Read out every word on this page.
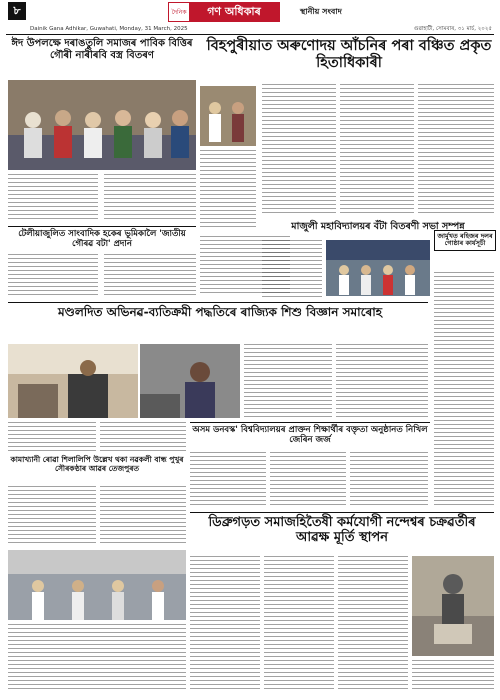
৮	দৈনিক	গণ অধিকাৰ	স্থানীয় সংবাদ
Dainik Gana Adhikar, Guwahati, Monday, 31 March, 2025	গুৱাহাটী, সোমবাৰ, ৩১ মাৰ্চ, ২০২৫
ঈদ উপলক্ষে দৰাঙতুলি সমাজৰ পাবিক বিত্তিৰ গৌৰী নাৰীৰবি বস্ত্ৰ বিতৰণ
টেলীয়াজুলিত সাংবাদিক হকেৰ ভূমিকালৈ 'জাতীয় গৌৰৱ বটা' প্ৰদান
বিহপুৰীয়াত অৰুণোদয় আঁচনিৰ পৰা বঞ্চিত প্ৰকৃত হিতাধিকাৰী
মাজুলী মহাবিদ্যালয়ৰ বঁটা বিতৰণী সভা সম্পন্ন
জাৰ্মুখত ৰহিজৰ দলৰ গোষ্ঠাৰ কাৰ্যসূচী
মণ্ডলদিত অভিনৱ-ব্যতিক্ৰমী পদ্ধতিৰে ৰাজ্যিক শিশু বিজ্ঞান সমাৰোহ
অসম ডনবস্ক' বিশ্ববিদ্যালয়ৰ প্ৰাক্তন শিক্ষাৰ্থীৰ বক্তৃতা অনুষ্ঠানত নিখিল জেৰিন জৰ্জ
কামাখ্যানী ৰোৱা শিলালিপি উল্লেখ থকা নৱকলী বান্ধ পুখুৰ সৌৰকণ্ঠাৰ আৱৰ তেজপুৰত
ডিব্ৰুগড়ত সমাজহিতৈষী কৰ্মযোগী নন্দেশ্বৰ চক্ৰৱৰ্তীৰ আৱক্ষ মূৰ্তি স্থাপন
